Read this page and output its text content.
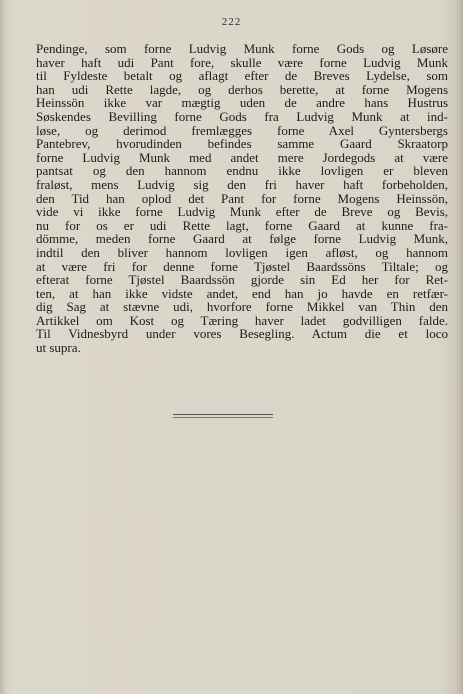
222
Pendinge, som forne Ludvig Munk forne Gods og Løsøre
haver haft udi Pant fore, skulle være forne Ludvig Munk
til Fyldeste betalt og aflagt efter de Breves Lydelse, som
han udi Rette lagde, og derhos berette, at forne Mogens
Heinssön ikke var mægtig uden de andre hans Hustrus
Søskendes Bevilling forne Gods fra Ludvig Munk at ind-
løse, og derimod fremlægges forne Axel Gyntersbergs
Pantebrev, hvorudinden befindes samme Gaard Skraatorp
forne Ludvig Munk med andet mere Jordegods at være
pantsat og den hannom endnu ikke lovligen er bleven
fraløst, mens Ludvig sig den fri haver haft forbeholden,
den Tid han oplod det Pant for forne Mogens Heinssön,
vide vi ikke forne Ludvig Munk efter de Breve og Bevis,
nu for os er udi Rette lagt, forne Gaard at kunne fra-
dömme, meden forne Gaard at følge forne Ludvig Munk,
indtil den bliver hannom lovligen igen afløst, og hannom
at være fri for denne forne Tjøstel Baardssöns Tiltale; og
efterat forne Tjøstel Baardssön gjorde sin Ed her for Ret-
ten, at han ikke vidste andet, end han jo havde en retfær-
dig Sag at stævne udi, hvorfore forne Mikkel van Thin den
Artikkel om Kost og Tæring haver ladet godvilligen falde.
Til Vidnesbyrd under vores Besegling. Actum die et loco
ut supra.
